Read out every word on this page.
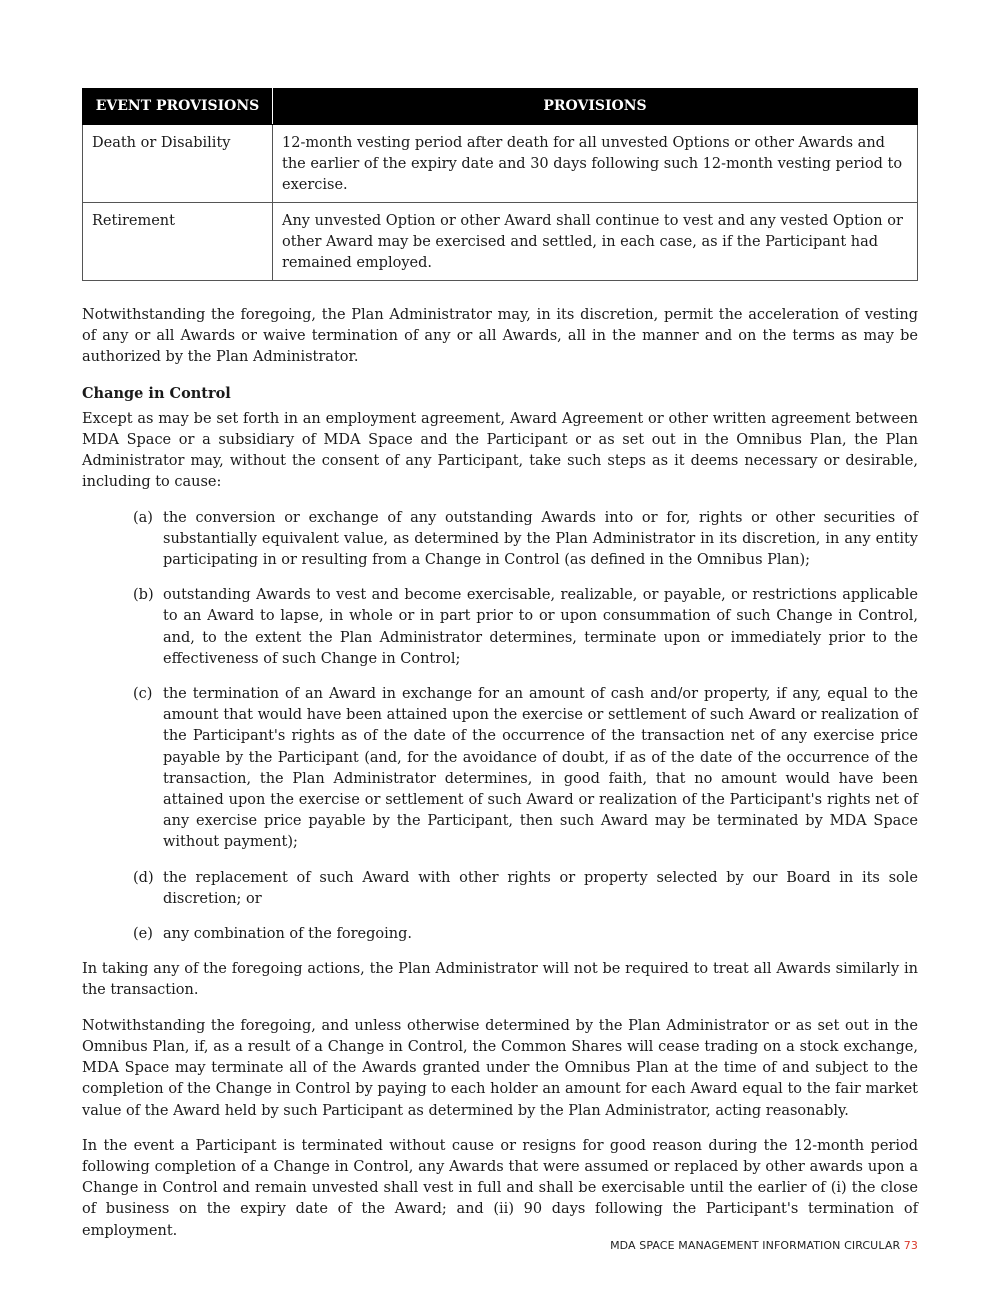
EVENT PROVISIONS	PROVISIONS
Death or Disability	12-month vesting period after death for all unvested Options or other Awards and the earlier of the expiry date and 30 days following such 12-month vesting period to exercise.
Retirement	Any unvested Option or other Award shall continue to vest and any vested Option or other Award may be exercised and settled, in each case, as if the Participant had remained employed.

Notwithstanding the foregoing, the Plan Administrator may, in its discretion, permit the acceleration of vesting of any or all Awards or waive termination of any or all Awards, all in the manner and on the terms as may be authorized by the Plan Administrator.

Change in Control

Except as may be set forth in an employment agreement, Award Agreement or other written agreement between MDA Space or a subsidiary of MDA Space and the Participant or as set out in the Omnibus Plan, the Plan Administrator may, without the consent of any Participant, take such steps as it deems necessary or desirable, including to cause:

(a) the conversion or exchange of any outstanding Awards into or for, rights or other securities of substantially equivalent value, as determined by the Plan Administrator in its discretion, in any entity participating in or resulting from a Change in Control (as defined in the Omnibus Plan);
(b) outstanding Awards to vest and become exercisable, realizable, or payable, or restrictions applicable to an Award to lapse, in whole or in part prior to or upon consummation of such Change in Control, and, to the extent the Plan Administrator determines, terminate upon or immediately prior to the effectiveness of such Change in Control;
(c) the termination of an Award in exchange for an amount of cash and/or property, if any, equal to the amount that would have been attained upon the exercise or settlement of such Award or realization of the Participant's rights as of the date of the occurrence of the transaction net of any exercise price payable by the Participant (and, for the avoidance of doubt, if as of the date of the occurrence of the transaction, the Plan Administrator determines, in good faith, that no amount would have been attained upon the exercise or settlement of such Award or realization of the Participant's rights net of any exercise price payable by the Participant, then such Award may be terminated by MDA Space without payment);
(d) the replacement of such Award with other rights or property selected by our Board in its sole discretion; or
(e) any combination of the foregoing.

In taking any of the foregoing actions, the Plan Administrator will not be required to treat all Awards similarly in the transaction.

Notwithstanding the foregoing, and unless otherwise determined by the Plan Administrator or as set out in the Omnibus Plan, if, as a result of a Change in Control, the Common Shares will cease trading on a stock exchange, MDA Space may terminate all of the Awards granted under the Omnibus Plan at the time of and subject to the completion of the Change in Control by paying to each holder an amount for each Award equal to the fair market value of the Award held by such Participant as determined by the Plan Administrator, acting reasonably.

In the event a Participant is terminated without cause or resigns for good reason during the 12-month period following completion of a Change in Control, any Awards that were assumed or replaced by other awards upon a Change in Control and remain unvested shall vest in full and shall be exercisable until the earlier of (i) the close of business on the expiry date of the Award; and (ii) 90 days following the Participant's termination of employment.

MDA SPACE MANAGEMENT INFORMATION CIRCULAR 73
